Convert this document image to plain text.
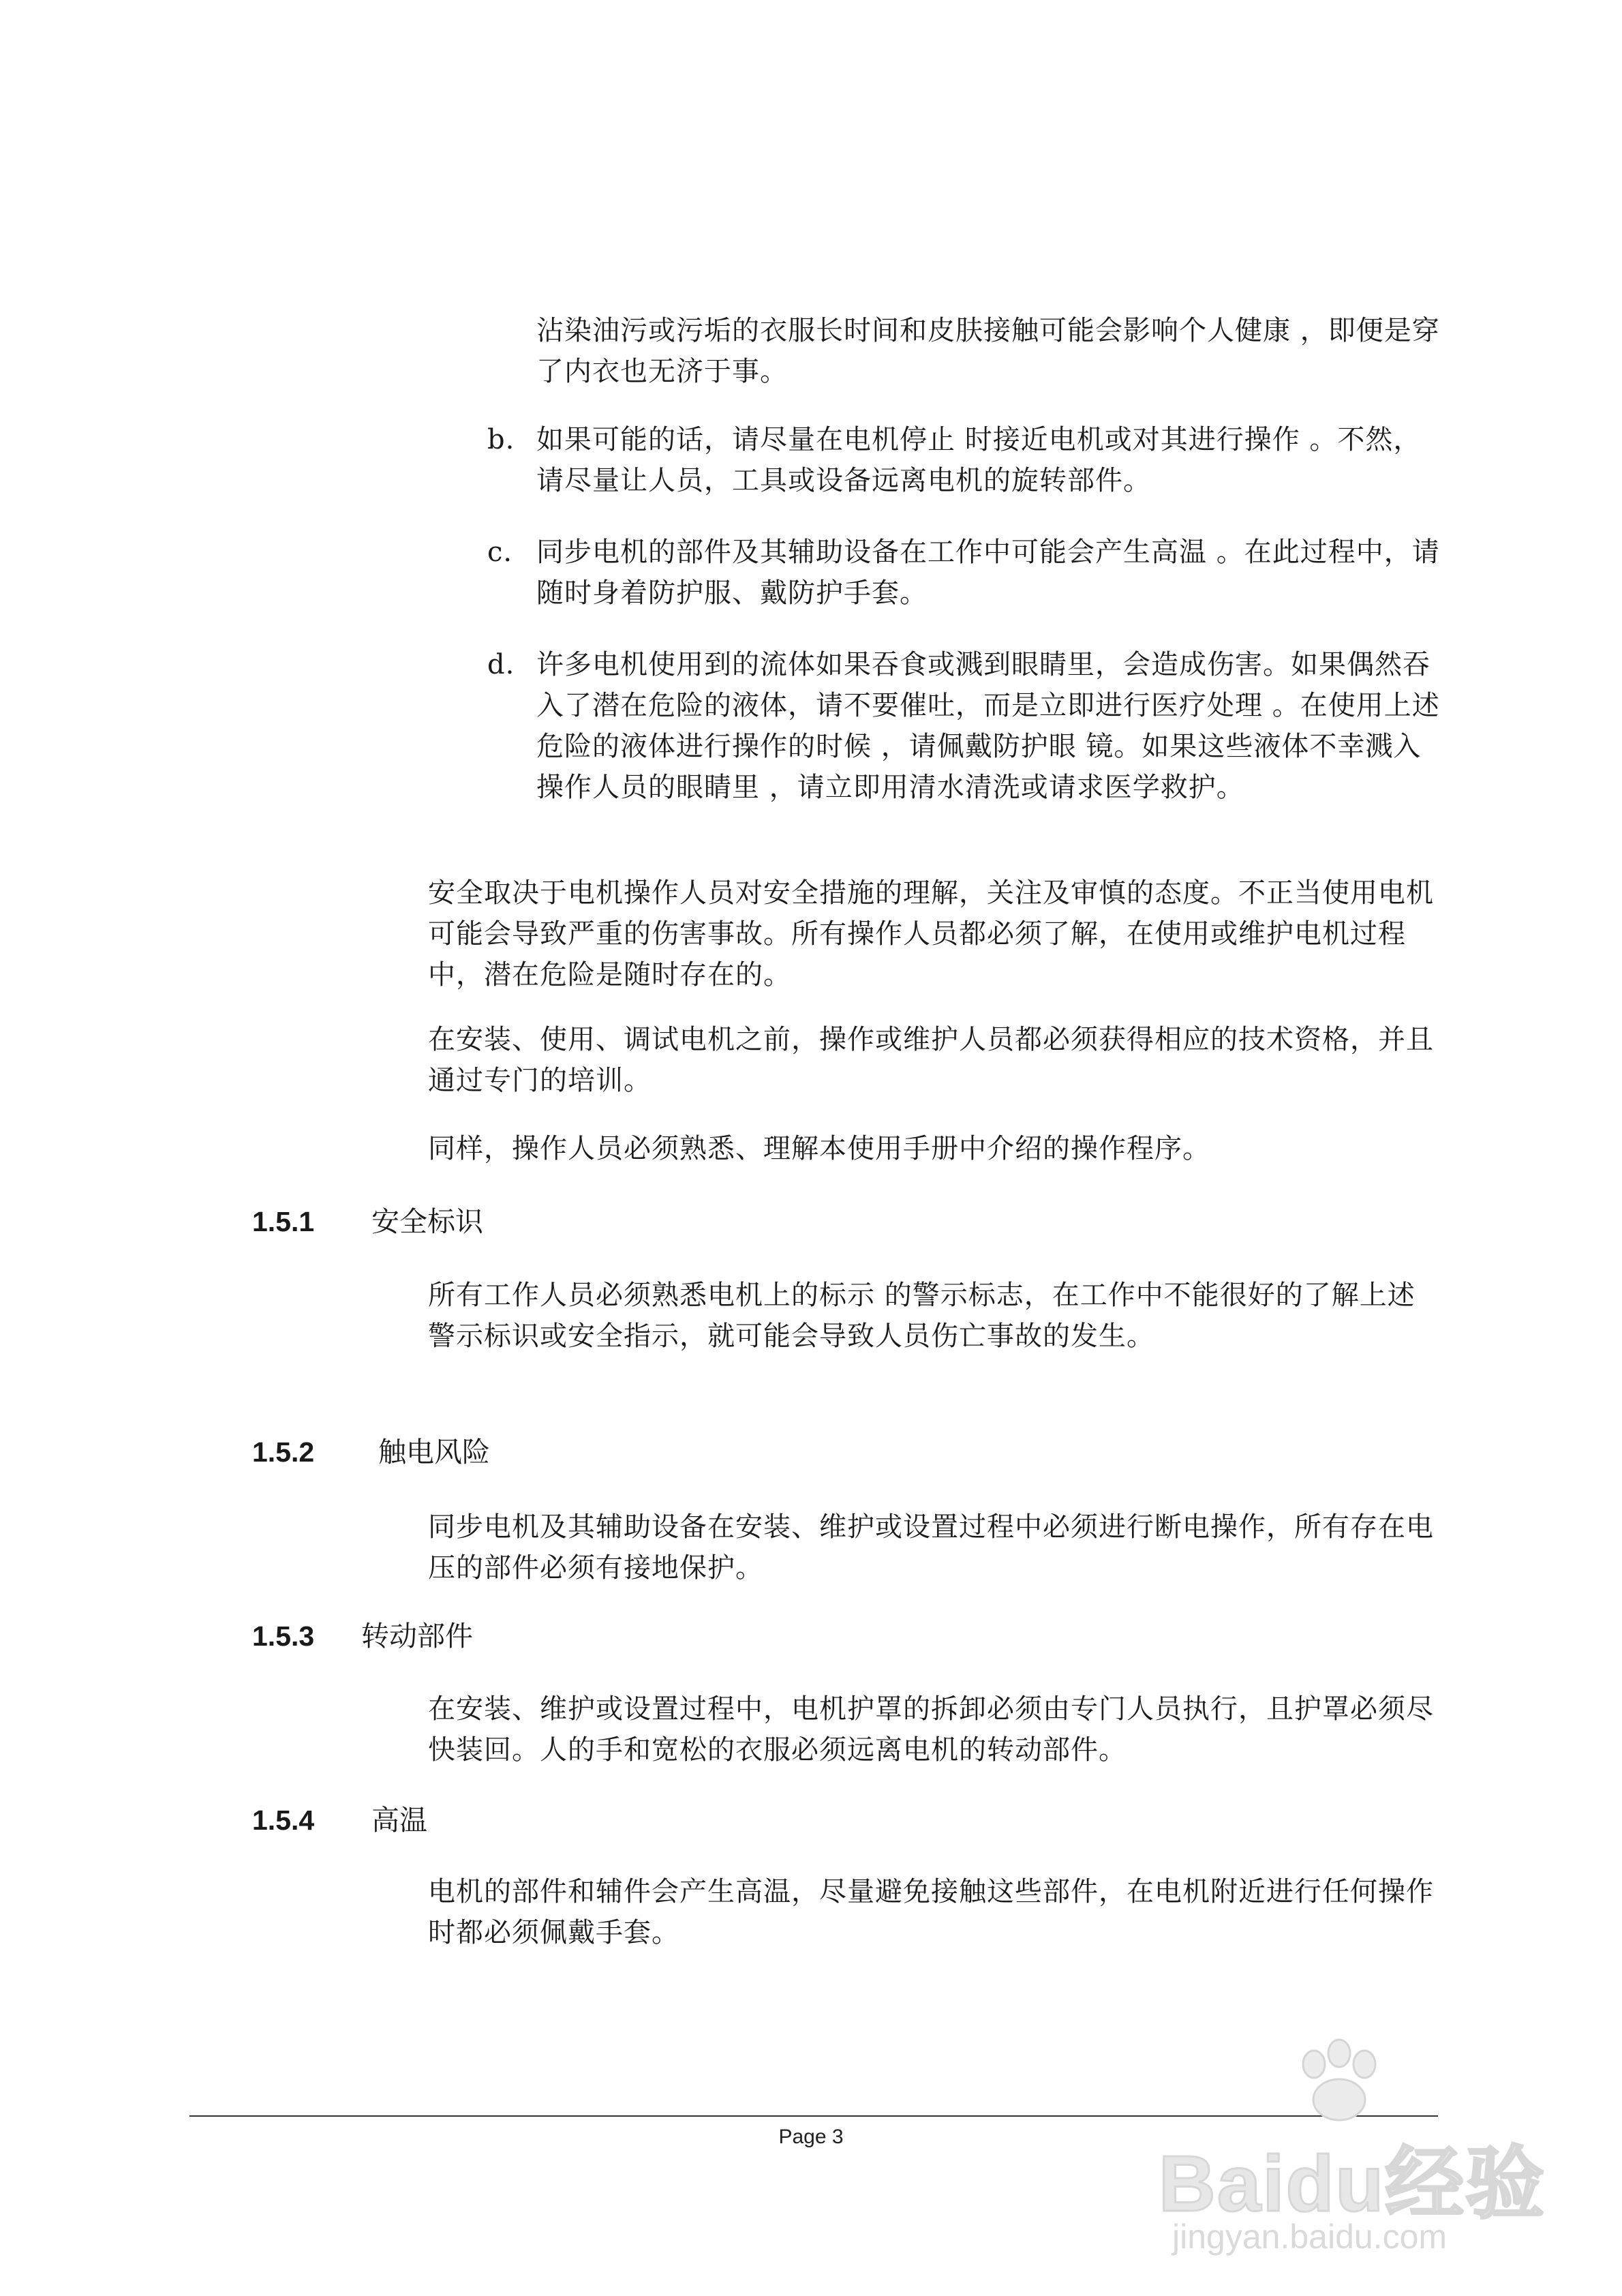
沾染油污或污垢的衣服长时间和皮肤接触可能会影响个人健康 ，即便是穿了内衣也无济于事。

b. 如果可能的话，请尽量在电机停止 时接近电机或对其进行操作 。不然，请尽量让人员，工具或设备远离电机的旋转部件。
c. 同步电机的部件及其辅助设备在工作中可能会产生高温 。在此过程中，请随时身着防护服、戴防护手套。
d. 许多电机使用到的流体如果吞食或溅到眼睛里，会造成伤害。如果偶然吞入了潜在危险的液体，请不要催吐，而是立即进行医疗处理 。在使用上述危险的液体进行操作的时候 ，请佩戴防护眼 镜。如果这些液体不幸溅入操作人员的眼睛里 ，请立即用清水清洗或请求医学救护。

安全取决于电机操作人员对安全措施的理解，关注及审慎的态度。不正当使用电机可能会导致严重的伤害事故。所有操作人员都必须了解，在使用或维护电机过程中，潜在危险是随时存在的。

在安装、使用、调试电机之前，操作或维护人员都必须获得相应的技术资格，并且通过专门的培训。

同样，操作人员必须熟悉、理解本使用手册中介绍的操作程序。

1.5.1 安全标识

所有工作人员必须熟悉电机上的标示 的警示标志，在工作中不能很好的了解上述警示标识或安全指示，就可能会导致人员伤亡事故的发生。

1.5.2 触电风险

同步电机及其辅助设备在安装、维护或设置过程中必须进行断电操作，所有存在电压的部件必须有接地保护。

1.5.3 转动部件

在安装、维护或设置过程中，电机护罩的拆卸必须由专门人员执行，且护罩必须尽快装回。人的手和宽松的衣服必须远离电机的转动部件。

1.5.4 高温

电机的部件和辅件会产生高温，尽量避免接触这些部件，在电机附近进行任何操作时都必须佩戴手套。

Page 3
Baidu经验
jingyan.baidu.com
